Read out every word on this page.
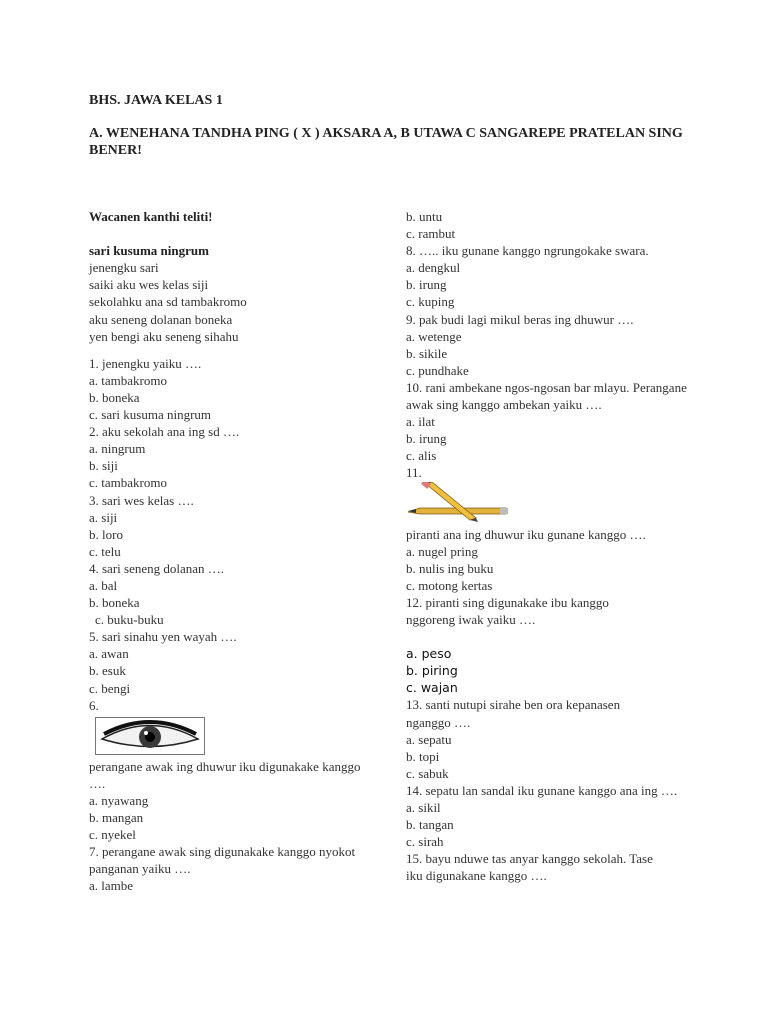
BHS. JAWA KELAS 1
A. WENEHANA TANDHA PING ( X ) AKSARA A, B UTAWA C SANGAREPE PRATELAN SING BENER!
Wacanen kanthi teliti!
sari kusuma ningrum
jenengku sari
saiki aku wes kelas siji
sekolahku ana sd tambakromo
aku seneng dolanan boneka
yen bengi aku seneng sihahu
1. jenengku yaiku ….
a. tambakromo
b. boneka
c. sari kusuma ningrum
2. aku sekolah ana ing sd ….
a. ningrum
b. siji
c. tambakromo
3. sari wes kelas ….
a. siji
b. loro
c. telu
4. sari seneng dolanan ….
a. bal
b. boneka
c. buku-buku
5. sari sinahu yen wayah ….
a. awan
b. esuk
c. bengi
6.
perangane awak ing dhuwur iku digunakake kanggo ….
a. nyawang
b. mangan
c. nyekel
7. perangane awak sing digunakake kanggo nyokot panganan yaiku ….
a. lambe
b. untu
c. rambut
8. ….. iku gunane kanggo ngrungokake swara.
a. dengkul
b. irung
c. kuping
9. pak budi lagi mikul beras ing dhuwur ….
a. wetenge
b. sikile
c. pundhake
10. rani ambekane ngos-ngosan bar mlayu. Perangane awak sing kanggo ambekan yaiku ….
a. ilat
b. irung
c. alis
11.
piranti ana ing dhuwur iku gunane kanggo ….
a. nugel pring
b. nulis ing buku
c. motong kertas
12. piranti sing digunakake ibu kanggo nggoreng iwak yaiku ….
a. peso
b. piring
c. wajan
13. santi nutupi sirahe ben ora kepanasen nganggo ….
a. sepatu
b. topi
c. sabuk
14. sepatu lan sandal iku gunane kanggo ana ing ….
a. sikil
b. tangan
c. sirah
15. bayu nduwe tas anyar kanggo sekolah. Tase iku digunakane kanggo ….
